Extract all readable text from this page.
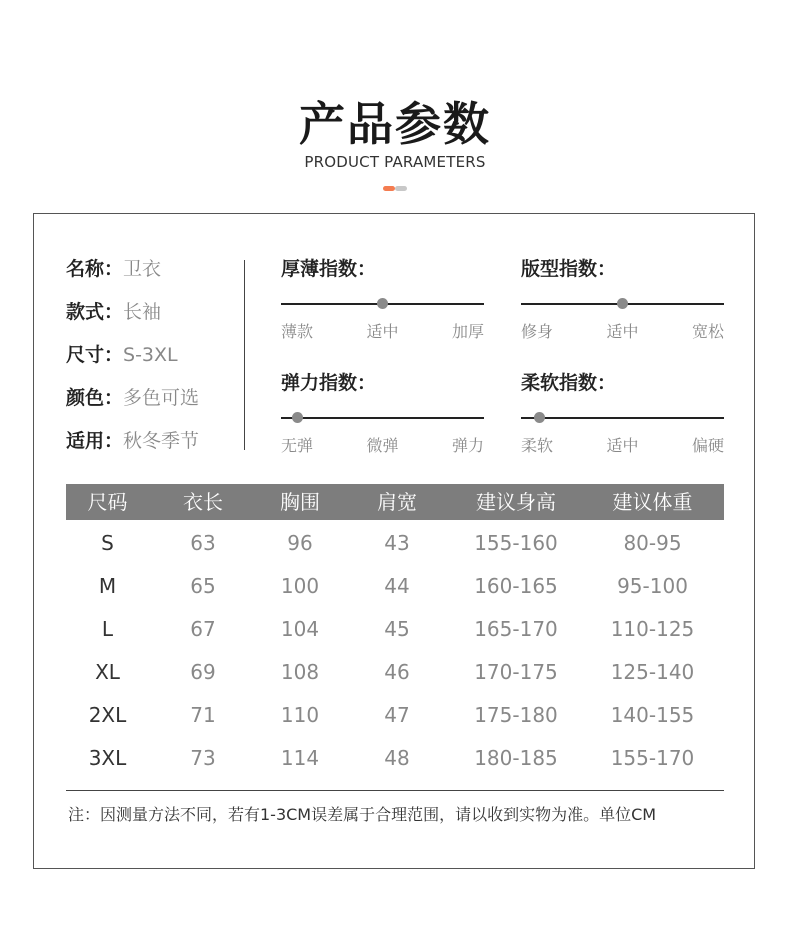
产品参数
PRODUCT PARAMETERS
名称：卫衣
款式：长袖
尺寸：S-3XL
颜色：多色可选
适用：秋冬季节
厚薄指数：
薄款	适中	加厚
版型指数：
修身	适中	宽松
弹力指数：
无弹	微弹	弹力
柔软指数：
柔软	适中	偏硬
尺码	衣长	胸围	肩宽	建议身高	建议体重
S	63	96	43	155-160	80-95
M	65	100	44	160-165	95-100
L	67	104	45	165-170	110-125
XL	69	108	46	170-175	125-140
2XL	71	110	47	175-180	140-155
3XL	73	114	48	180-185	155-170
注：因测量方法不同，若有1-3CM误差属于合理范围，请以收到实物为准。单位CM
